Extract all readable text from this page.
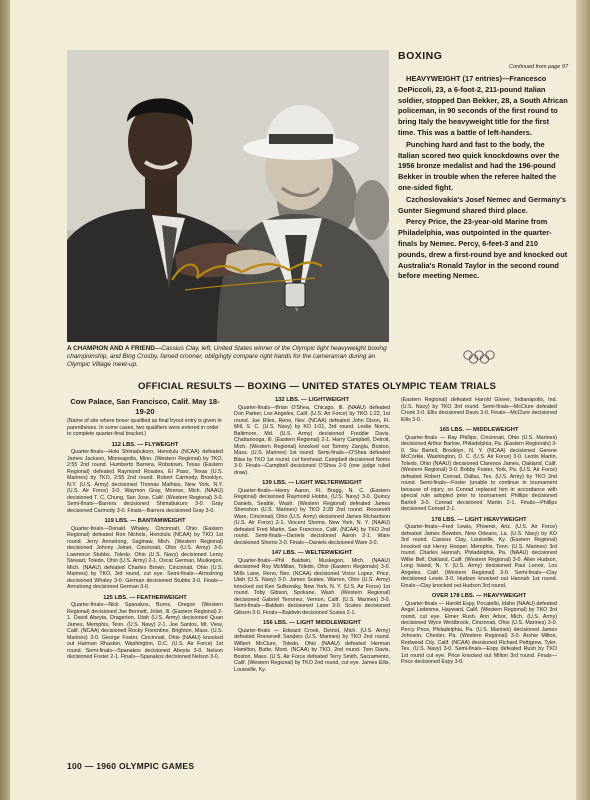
A CHAMPION AND A FRIEND—Cassius Clay, left, United States winner of the Olympic light heavyweight boxing championship, and Bing Crosby, famed crooner, obligingly compare right hands for the cameraman during an Olympic Village meet-up.

BOXING
Continued from page 97

HEAVYWEIGHT (17 entries)—Francesco DePiccoli, 23, a 6-foot-2, 211-pound Italian soldier, stopped Dan Bekker, 28, a South African policeman, in 90 seconds of the first round to bring Italy the heavyweight title for the first time. This was a battle of left-handers.

Punching hard and fast to the body, the Italian scored two quick knockdowns over the 1956 bronze medalist and had the 196-pound Bekker in trouble when the referee halted the one-sided fight.

Czchoslovakia's Josef Nemec and Germany's Gunter Siegmund shared third place.

Percy Price, the 23-year-old Marine from Philadelphia, was outpointed in the quarter-finals by Nemec. Percy, 6-feet-3 and 210 pounds, drew a first-round bye and knocked out Australia's Ronald Taylor in the second round before meeting Nemec.

OFFICIAL RESULTS — BOXING — UNITED STATES OLYMPIC TEAM TRIALS

Cow Palace, San Francisco, Calif. May 18-19-20

(Name of site where boxer qualified as final tryout entry is given in parentheses. In some cases, two qualifiers were entered in order to complete quarter-final bracket.)

112 LBS. — FLYWEIGHT

Quarter-finals—Hoki Shimabukuro, Honolulu (NCAA) defeated James Jackson, Minneapolis, Minn. (Western Regional) by TKO, 2:55 2nd round. Humberto Barrera, Robstown, Texas (Eastern Regional) defeated Raymond Rosales, El Paso, Texas (U.S. Marines) by TKO, 2:55 2nd round. Robert Carmody, Brooklyn, N.Y. (U.S. Army) decisioned Thomas Mathias, New York, N.Y. (U.S. Air Force) 3-0. Waymon Gray, Monroe, Mich. (NAAU) decisioned T. C. Chung, San Jose, Calif. (Western Regional) 3-0. Semi-finals—Barrera decisioned Shimabukuro 3-0. Gray decisioned Carmody 3-0. Finals—Barrera decisioned Gray 3-0.

119 LBS. — BANTAMWEIGHT

Quarter-finals—Donald Whaley, Cincinnati, Ohio (Eastern Regional) defeated Ron Nichols, Honolulu (NCAA) by TKO 1st round. Jerry Armstrong, Saginaw, Mich. (Western Regional) decisioned Johnny Joiner, Cincinnati, Ohio (U.S. Army) 3-0. Lawrence Stubbs, Toledo, Ohio (U.S. Navy) decisioned Leroy Stewart, Toledo, Ohio (U.S. Army) 2-1. Oscar German, Muskegon, Mich. (NAAU) defeated Charles Brown, Cincinnati, Ohio (U.S. Marines) by TKO, 3rd round, cut eye. Semi-finals—Armstrong decisioned Whaley 3-0. German decisioned Stubbs 3-0. Finals—Armstrong decisioned German 3-0.

125 LBS. — FEATHERWEIGHT

Quarter-finals—Nick Spanakos, Burns, Oregon (Western Regional) decisioned Joe Bennett, Joliet, Ill. (Eastern Regional) 2-1. David Abeyta, Dragerton, Utah (U.S. Army) decisioned Quan James, Memphis, Tenn. (U.S. Navy) 2-1. Joe Santos, Mt. View, Calif. (NCAA) decisioned Rocky Fiorentino, Brighton, Mass. (U.S. Marines) 3-0. George Foster, Cincinnati, Ohio (NAAU) knocked out Harman Rhaston, Washington, D.C. (U.S. Air Force) 1st round. Semi-finals—Spanakos decisioned Abeyta 3-0. Nelson decisioned Foster 2-1. Finals—Spanakos decisioned Nelson 3-0.

132 LBS. — LIGHTWEIGHT

Quarter-finals—Brian O'Shea, Chicago, Ill. (NAAU) defeated Don Parker, Los Angeles, Calif. (U.S. Air Force) by TKO 1:22, 1st round. Joe Riles, Reno, Nev. (NCAA) defeated John Dixon, Ft. Mill, S. C. (U.S. Navy) by KO 1:01, 3rd round. Leslie Norris, Baltimore, Md. (U.S. Army) decisioned Freddie Davis, Chattanooga, Ill. (Eastern Regional) 2-1. Harry Campbell, Detroit, Mich. (Western Regional) knocked out Tommy Zangla, Boston, Mass. (U.S. Marines) 1st round. Semi-finals—O'Shea defeated Bliss by TKO 1st round, cut forehead. Campbell decisioned Norris 3-0. Finals—Campbell decisioned O'Shea 2-0 (one judge ruled draw).

139 LBS. — LIGHT WELTERWEIGHT

Quarter-finals—Henry Aaron, Ft. Bragg, N. C. (Eastern Regional) decisioned Raymond Hobbs, (U.S. Navy) 3-0. Quincy Daniels, Seattle, Wash. (Western Regional) defeated James Shenshon (U.S. Marines) by TKO 2:28 2nd round. Roosevelt Ware, Cincinnati, Ohio (U.S. Army) decisioned James Richardson (U.S. Air Force) 2-1. Vincent Shomo, New York, N. Y. (NAAU) defeated Fred Martin, San Francisco, Calif. (NCAA) by TKO 2nd round. Semi-finals—Daniels decisioned Aaron 2-1. Ware decisioned Shomo 3-0. Finals—Daniels decisioned Ware 3-0.

147 LBS. — WELTERWEIGHT

Quarter-finals—Phil Baldwin, Muskegon, Mich. (NAAU) decisioned Roy McMillan, Toledo, Ohio (Eastern Regionals) 3-0. Mills Lane, Reno, Nev. (NCAA) decisioned Victor Lopez, Price, Utah (U.S. Navy) 3-0. James Scates, Warren, Ohio (U.S. Army) knocked out Ken Sufkovsky, New York, N. Y. (U.S. Air Force) 1st round. Toby Gibson, Spokane, Wash. (Western Regional) decisioned Gabriel Terronez, Vernon, Calif. (U.S. Marines) 3-0. Semi-finals—Baldwin decisioned Lane 3-0. Scates decisioned Gibson 3-0. Finals—Baldwin decisioned Scates 2-1.

156 LBS. — LIGHT MIDDLEWEIGHT

Quarter-finals — Edward Crook, Detroit, Mich. (U.S. Army) defeated Roosevelt Sanders (U.S. Marines) by TKO 2nd round. Wilbert McClure, Toledo, Ohio (NAAU) defeated Herman Hamilton, Butte, Mont. (NCAA) by TKO, 2nd round. Tom Davis, Boston, Mass. (U.S. Air Force defeated Terry Smith, Sacramento, Calif. (Western Regional) by TKO 2nd round, cut eye. James Ellis, Louisville, Ky.

(Eastern Regional) defeated Harold Glover, Indianapolis, Ind. (U.S. Navy) by TKO 3rd round. Semi-finals—McClure defeated Crook 3-0. Ellis decisioned Davis 3-0. Finals—McClure decisioned Ellis 3-0.

165 LBS. — MIDDLEWEIGHT

Quarter-finals — Ray Phillips, Cincinnati, Ohio (U.S. Marines) decisioned Arthur Barlow, Philadelphia, Pa. (Eastern Regionals) 3-0. Stu Bartell, Brooklyn, N. Y. (NCAA) decisioned Gerene McCorkle, Washington, D. C. (U.S. Air Force) 3-0. Leotis Martin, Toledo, Ohio (NAAU) decisioned Clarence James, Oakland, Calif. (Western Regional) 3-0. Bobby Foster, York, Pa. (U.S. Air Force) defeated Robert Conrad, Dallas, Tex. (U.S. Army) by TKO 2nd round. Semi-finals—Foster (unable to continue in tournament because of injury, so Conrad replaced him in accordance with special rule adopted prior to tournament. Phillips decisioned Bartell 3-0. Conrad decisioned Martin 2-1. Finals—Phillips decisioned Conrad 2-1.

178 LBS. — LIGHT HEAVYWEIGHT

Quarter-finals—Fred Lewis, Phoenix, Ariz. (U.S. Air Force) defeated James Bowden, New Orleans, La. (U.S. Navy) by KO 3rd round. Cassius Clay, Louisville, Ky. (Eastern Regional) knocked out Henry Hooper, Memphis, Tenn. (U.S. Marines) 3rd round. Charles Hannah, Philadelphia, Pa. (NAAU) decisioned Willie Bell, Oakland, Calif. (Western Regional) 3-0. Allen Hudson, Long Island, N. Y. (U.S. Army) decisioned Paul Lenoir, Los Angeles, Calif. (Western Regional) 3-0. Semi-finals—Clay decisioned Lewis 3-0. Hudson knocked out Hannah 1st round. Finals—Clay knocked out Hudson 3rd round.

OVER 178 LBS. — HEAVYWEIGHT

Quarter-finals — Harold Espy, Pocatello, Idaho (NAAU) defeated Angel Ledesma, Hayward, Calif. (Western Regional) by TKO 3rd round, cut eye. Elmer Rush, Ann Arbor, Mich. (U.S. Army) decisioned Wyce Westbrook, Cincinnati, Ohio (U.S. Marines) 3-0. Percy Price, Philadelphia, Pa. (U.S. Marines) decisioned James Johnson, Chester, Pa. (Western Regional) 3-0. Archie Milton, Redwood City, Calif. (NCAA) decisioned Richard Pettigrew, Tyler, Tex. (U.S. Navy) 3-0. Semi-finals—Espy defeated Rush by TKO 1st round cut eye. Price knocked out Milton 3rd round. Finals—Price decisioned Espy 3-0.

100 — 1960 OLYMPIC GAMES
